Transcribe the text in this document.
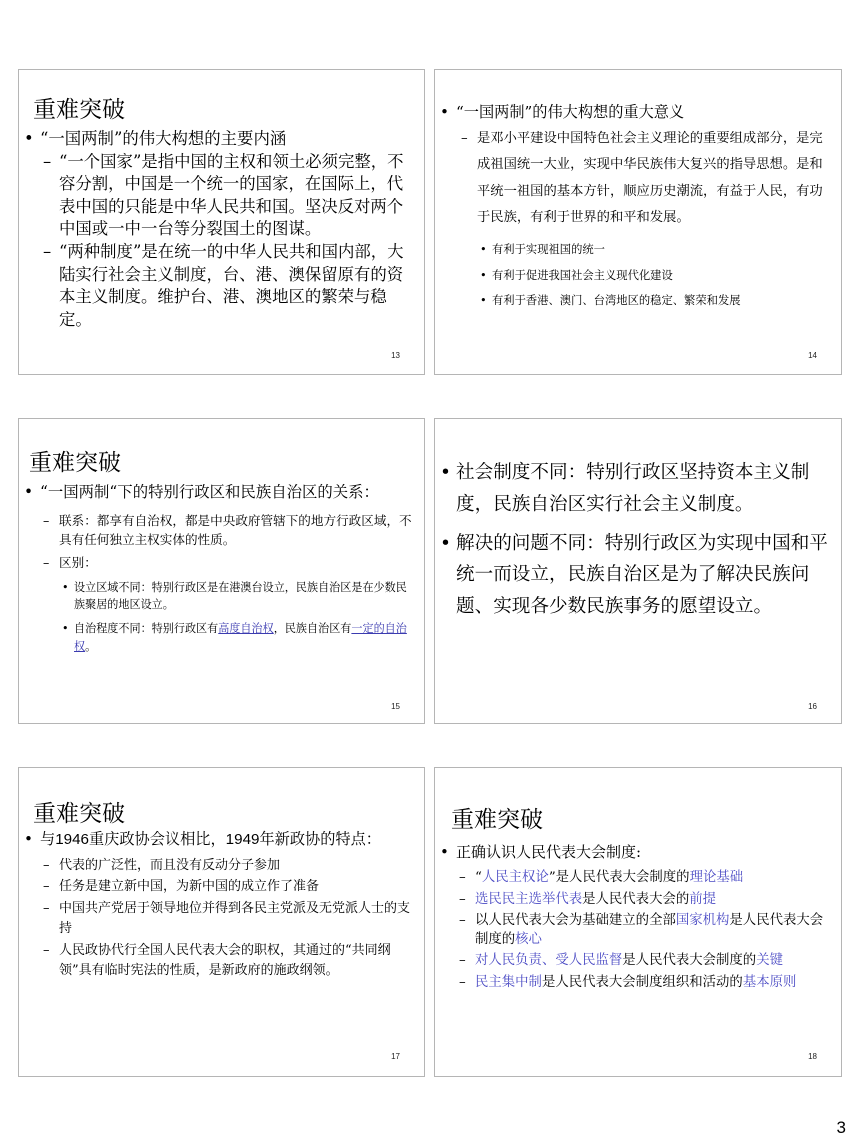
重难突破
• “一国两制”的伟大构想的主要内涵
– “一个国家”是指中国的主权和领土必须完整，不容分割，中国是一个统一的国家，在国际上，代表中国的只能是中华人民共和国。坚决反对两个中国或一中一台等分裂国土的图谋。
– “两种制度”是在统一的中华人民共和国内部，大陆实行社会主义制度，台、港、澳保留原有的资本主义制度。维护台、港、澳地区的繁荣与稳定。
13
• “一国两制”的伟大构想的重大意义
– 是邓小平建设中国特色社会主义理论的重要组成部分，是完成祖国统一大业，实现中华民族伟大复兴的指导思想。是和平统一祖国的基本方针，顺应历史潮流，有益于人民，有功于民族，有利于世界的和平和发展。
• 有利于实现祖国的统一
• 有利于促进我国社会主义现代化建设
• 有利于香港、澳门、台湾地区的稳定、繁荣和发展
14
重难突破
• “一国两制“下的特别行政区和民族自治区的关系：
– 联系：都享有自治权，都是中央政府管辖下的地方行政区域，不具有任何独立主权实体的性质。
– 区别：
• 设立区域不同：特别行政区是在港澳台设立，民族自治区是在少数民族聚居的地区设立。
• 自治程度不同：特别行政区有高度自治权，民族自治区有一定的自治权。
15
• 社会制度不同：特别行政区坚持资本主义制度，民族自治区实行社会主义制度。
• 解决的问题不同：特别行政区为实现中国和平统一而设立，民族自治区是为了解决民族问题、实现各少数民族事务的愿望设立。
16
重难突破
• 与1946重庆政协会议相比，1949年新政协的特点：
– 代表的广泛性，而且没有反动分子参加
– 任务是建立新中国，为新中国的成立作了准备
– 中国共产党居于领导地位并得到各民主党派及无党派人士的支持
– 人民政协代行全国人民代表大会的职权，其通过的“共同纲领”具有临时宪法的性质，是新政府的施政纲领。
17
重难突破
• 正确认识人民代表大会制度:
– “人民主权论”是人民代表大会制度的理论基础
– 选民民主选举代表是人民代表大会的前提
– 以人民代表大会为基础建立的全部国家机构是人民代表大会制度的核心
– 对人民负责、受人民监督是人民代表大会制度的关键
– 民主集中制是人民代表大会制度组织和活动的基本原则
18
3
